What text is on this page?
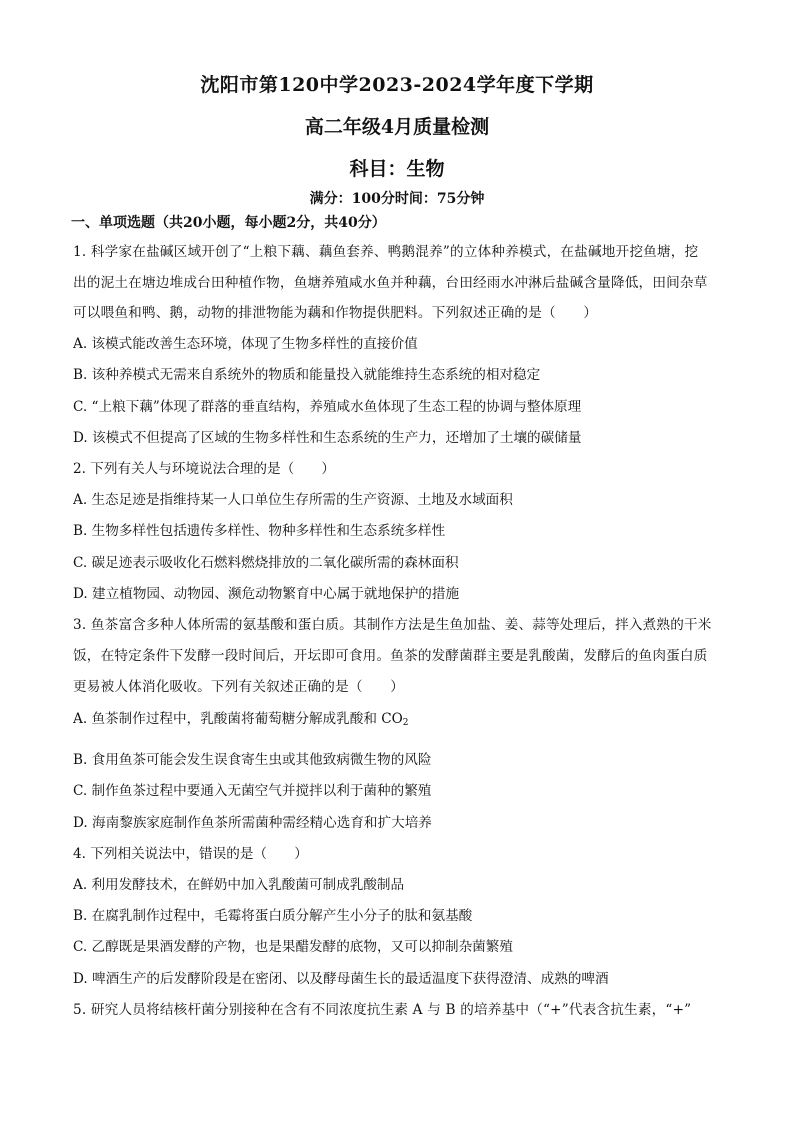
沈阳市第120中学2023-2024学年度下学期
高二年级4月质量检测
科目：生物
满分：100分时间：75分钟
一、单项选题（共20小题，每小题2分，共40分）
1. 科学家在盐碱区域开创了“上粮下藕、藕鱼套养、鸭鹅混养”的立体种养模式，在盐碱地开挖鱼塘，挖
出的泥土在塘边堆成台田种植作物，鱼塘养殖咸水鱼并种藕，台田经雨水冲淋后盐碱含量降低，田间杂草
可以喂鱼和鸭、鹅，动物的排泄物能为藕和作物提供肥料。下列叙述正确的是（　　）
A. 该模式能改善生态环境，体现了生物多样性的直接价值
B. 该种养模式无需来自系统外的物质和能量投入就能维持生态系统的相对稳定
C. “上粮下藕”体现了群落的垂直结构，养殖咸水鱼体现了生态工程的协调与整体原理
D. 该模式不但提高了区域的生物多样性和生态系统的生产力，还增加了土壤的碳储量
2. 下列有关人与环境说法合理的是（　　）
A. 生态足迹是指维持某一人口单位生存所需的生产资源、土地及水域面积
B. 生物多样性包括遗传多样性、物种多样性和生态系统多样性
C. 碳足迹表示吸收化石燃料燃烧排放的二氧化碳所需的森林面积
D. 建立植物园、动物园、濒危动物繁育中心属于就地保护的措施
3. 鱼茶富含多种人体所需的氨基酸和蛋白质。其制作方法是生鱼加盐、姜、蒜等处理后，拌入煮熟的干米
饭，在特定条件下发酵一段时间后，开坛即可食用。鱼茶的发酵菌群主要是乳酸菌，发酵后的鱼肉蛋白质
更易被人体消化吸收。下列有关叙述正确的是（　　）
A. 鱼茶制作过程中，乳酸菌将葡萄糖分解成乳酸和 $CO_2$
B. 食用鱼茶可能会发生误食寄生虫或其他致病微生物的风险
C. 制作鱼茶过程中要通入无菌空气并搅拌以利于菌种的繁殖
D. 海南黎族家庭制作鱼茶所需菌种需经精心选育和扩大培养
4. 下列相关说法中，错误的是（　　）
A. 利用发酵技术，在鲜奶中加入乳酸菌可制成乳酸制品
B. 在腐乳制作过程中，毛霉将蛋白质分解产生小分子的肽和氨基酸
C. 乙醇既是果酒发酵的产物，也是果醋发酵的底物，又可以抑制杂菌繁殖
D. 啤酒生产的后发酵阶段是在密闭、以及酵母菌生长的最适温度下获得澄清、成熟的啤酒
5. 研究人员将结核杆菌分别接种在含有不同浓度抗生素 A 与 B 的培养基中（“+”代表含抗生素，“+”
